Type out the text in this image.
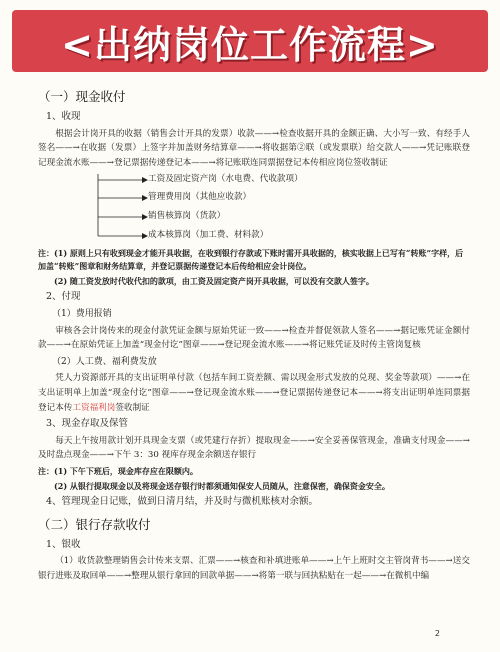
<出纳岗位工作流程>
（一）现金收付
1、收现

根据会计岗开具的收据（销售会计开具的发票）收款——→检查收据开具的金额正确、大小写一致、有经手人签名——→在收据（发票）上签字并加盖财务结算章——→将收据第②联（或发票联）给交款人——→凭记账联登记现金流水账——→登记票据传递登记本——→将记账联连同票据登记本传相应岗位签收制证

工资及固定资产岗（水电费、代收款项）
管理费用岗（其他应收款）
销售核算岗（货款）
成本核算岗（加工费、材料款）

注：(1) 原则上只有收到现金才能开具收据，在收到银行存款或下账时需开具收据的，核实收据上已写有“转账”字样，后加盖“转账”图章和财务结算章，并登记票据传递登记本后传给相应会计岗位。

(2) 随工资发放时代收代扣的款项，由工资及固定资产岗开具收据，可以没有交款人签字。

2、付现
（1）费用报销

审核各会计岗传来的现金付款凭证金额与原始凭证一致——→检查并督促领款人签名——→据记账凭证金额付款——→在原始凭证上加盖“现金付讫”图章——→登记现金流水账——→将记账凭证及时传主管岗复核

（2）人工费、福利费发放

凭人力资源部开具的支出证明单付款（包括车间工资差额、需以现金形式发放的兑现、奖金等款项）——→在支出证明单上加盖“现金付讫”图章——→登记现金流水账——→登记票据传递登记本——→将支出证明单连同票据登记本传工资福利岗签收制证

3、现金存取及保管

每天上午按用款计划开具现金支票（或凭建行存折）提取现金——→安全妥善保管现金，准确支付现金——→及时盘点现金——→下午 3：30 视库存现金余额送存银行

注：(1) 下午下班后，现金库存应在限额内。

(2) 从银行提取现金以及将现金送存银行时都须通知保安人员随从，注意保密，确保资金安全。

4、管理现金日记账，做到日清月结，并及时与微机账核对余额。
（二）银行存款收付
1、银收

（1）收货款整理销售会计传来支票、汇票——→核查和补填进账单——→上午上班时交主管岗背书——→送交银行进账及取回单——→整理从银行拿回的回款单据——→将第一联与回执粘贴在一起——→在微机中编

2
